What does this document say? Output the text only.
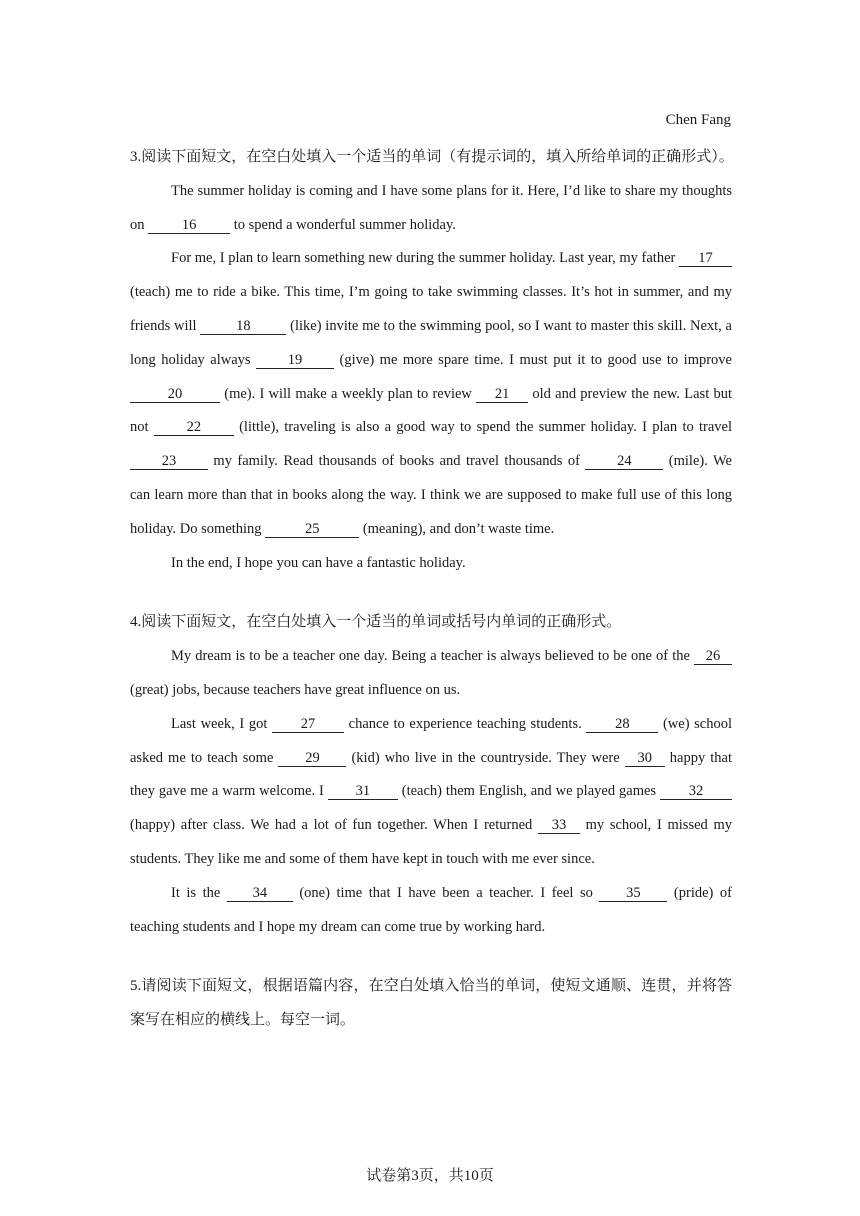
Chen Fang
3.阅读下面短文，在空白处填入一个适当的单词（有提示词的，填入所给单词的正确形式）。

The summer holiday is coming and I have some plans for it. Here, I’d like to share my thoughts on 16 to spend a wonderful summer holiday.

For me, I plan to learn something new during the summer holiday. Last year, my father 17 (teach) me to ride a bike. This time, I’m going to take swimming classes. It’s hot in summer, and my friends will 18 (like) invite me to the swimming pool, so I want to master this skill. Next, a long holiday always 19 (give) me more spare time. I must put it to good use to improve 20	(me). I will make a weekly plan to review 21 old and preview the new. Last but not 22 (little), traveling is also a good way to spend the summer holiday. I plan to travel 23 my family. Read thousands of books and travel thousands of 24 (mile). We can learn more than that in books along the way. I think we are supposed to make full use of this long holiday. Do something	25	(meaning), and don’t waste time.

In the end, I hope you can have a fantastic holiday.

4.阅读下面短文，在空白处填入一个适当的单词或括号内单词的正确形式。

My dream is to be a teacher one day. Being a teacher is always believed to be one of the 26 (great) jobs, because teachers have great influence on us.

Last week, I got 27 chance to experience teaching students. 28 (we) school asked me to teach some 29 (kid) who live in the countryside. They were 30 happy that they gave me a warm welcome. I 31 (teach) them English, and we played games 32 (happy) after class. We had a lot of fun together. When I returned 33 my school, I missed my students. They like me and some of them have kept in touch with me ever since.

It is the 34 (one) time that I have been a teacher. I feel so 35 (pride) of teaching students and I hope my dream can come true by working hard.

5.请阅读下面短文，根据语篇内容，在空白处填入恰当的单词，使短文通顺、连贯，并将答案写在相应的横线上。每空一词。

试卷第3页，共10页
